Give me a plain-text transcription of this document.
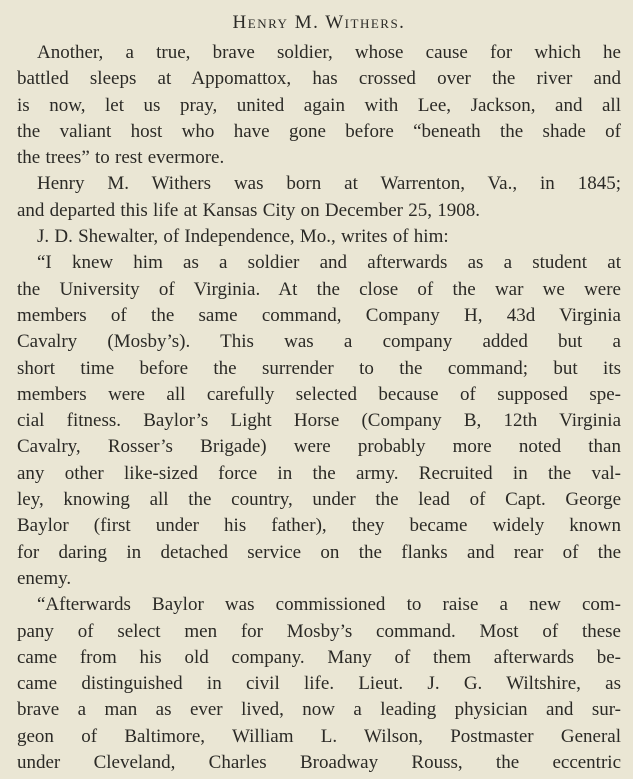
Henry M. Withers.
Another, a true, brave soldier, whose cause for which he
battled sleeps at Appomattox, has crossed over the river and
is now, let us pray, united again with Lee, Jackson, and all
the valiant host who have gone before “beneath the shade of
the trees” to rest evermore.
Henry M. Withers was born at Warrenton, Va., in 1845;
and departed this life at Kansas City on December 25, 1908.
J. D. Shewalter, of Independence, Mo., writes of him:
“I knew him as a soldier and afterwards as a student at
the University of Virginia. At the close of the war we were
members of the same command, Company H, 43d Virginia
Cavalry (Mosby’s). This was a company added but a
short time before the surrender to the command; but its
members were all carefully selected because of supposed spe-
cial fitness. Baylor’s Light Horse (Company B, 12th Virginia
Cavalry, Rosser’s Brigade) were probably more noted than
any other like-sized force in the army. Recruited in the val-
ley, knowing all the country, under the lead of Capt. George
Baylor (first under his father), they became widely known
for daring in detached service on the flanks and rear of the
enemy.
“Afterwards Baylor was commissioned to raise a new com-
pany of select men for Mosby’s command. Most of these
came from his old company. Many of them afterwards be-
came distinguished in civil life. Lieut. J. G. Wiltshire, as
brave a man as ever lived, now a leading physician and sur-
geon of Baltimore, William L. Wilson, Postmaster General
under Cleveland, Charles Broadway Rouss, the eccentric
